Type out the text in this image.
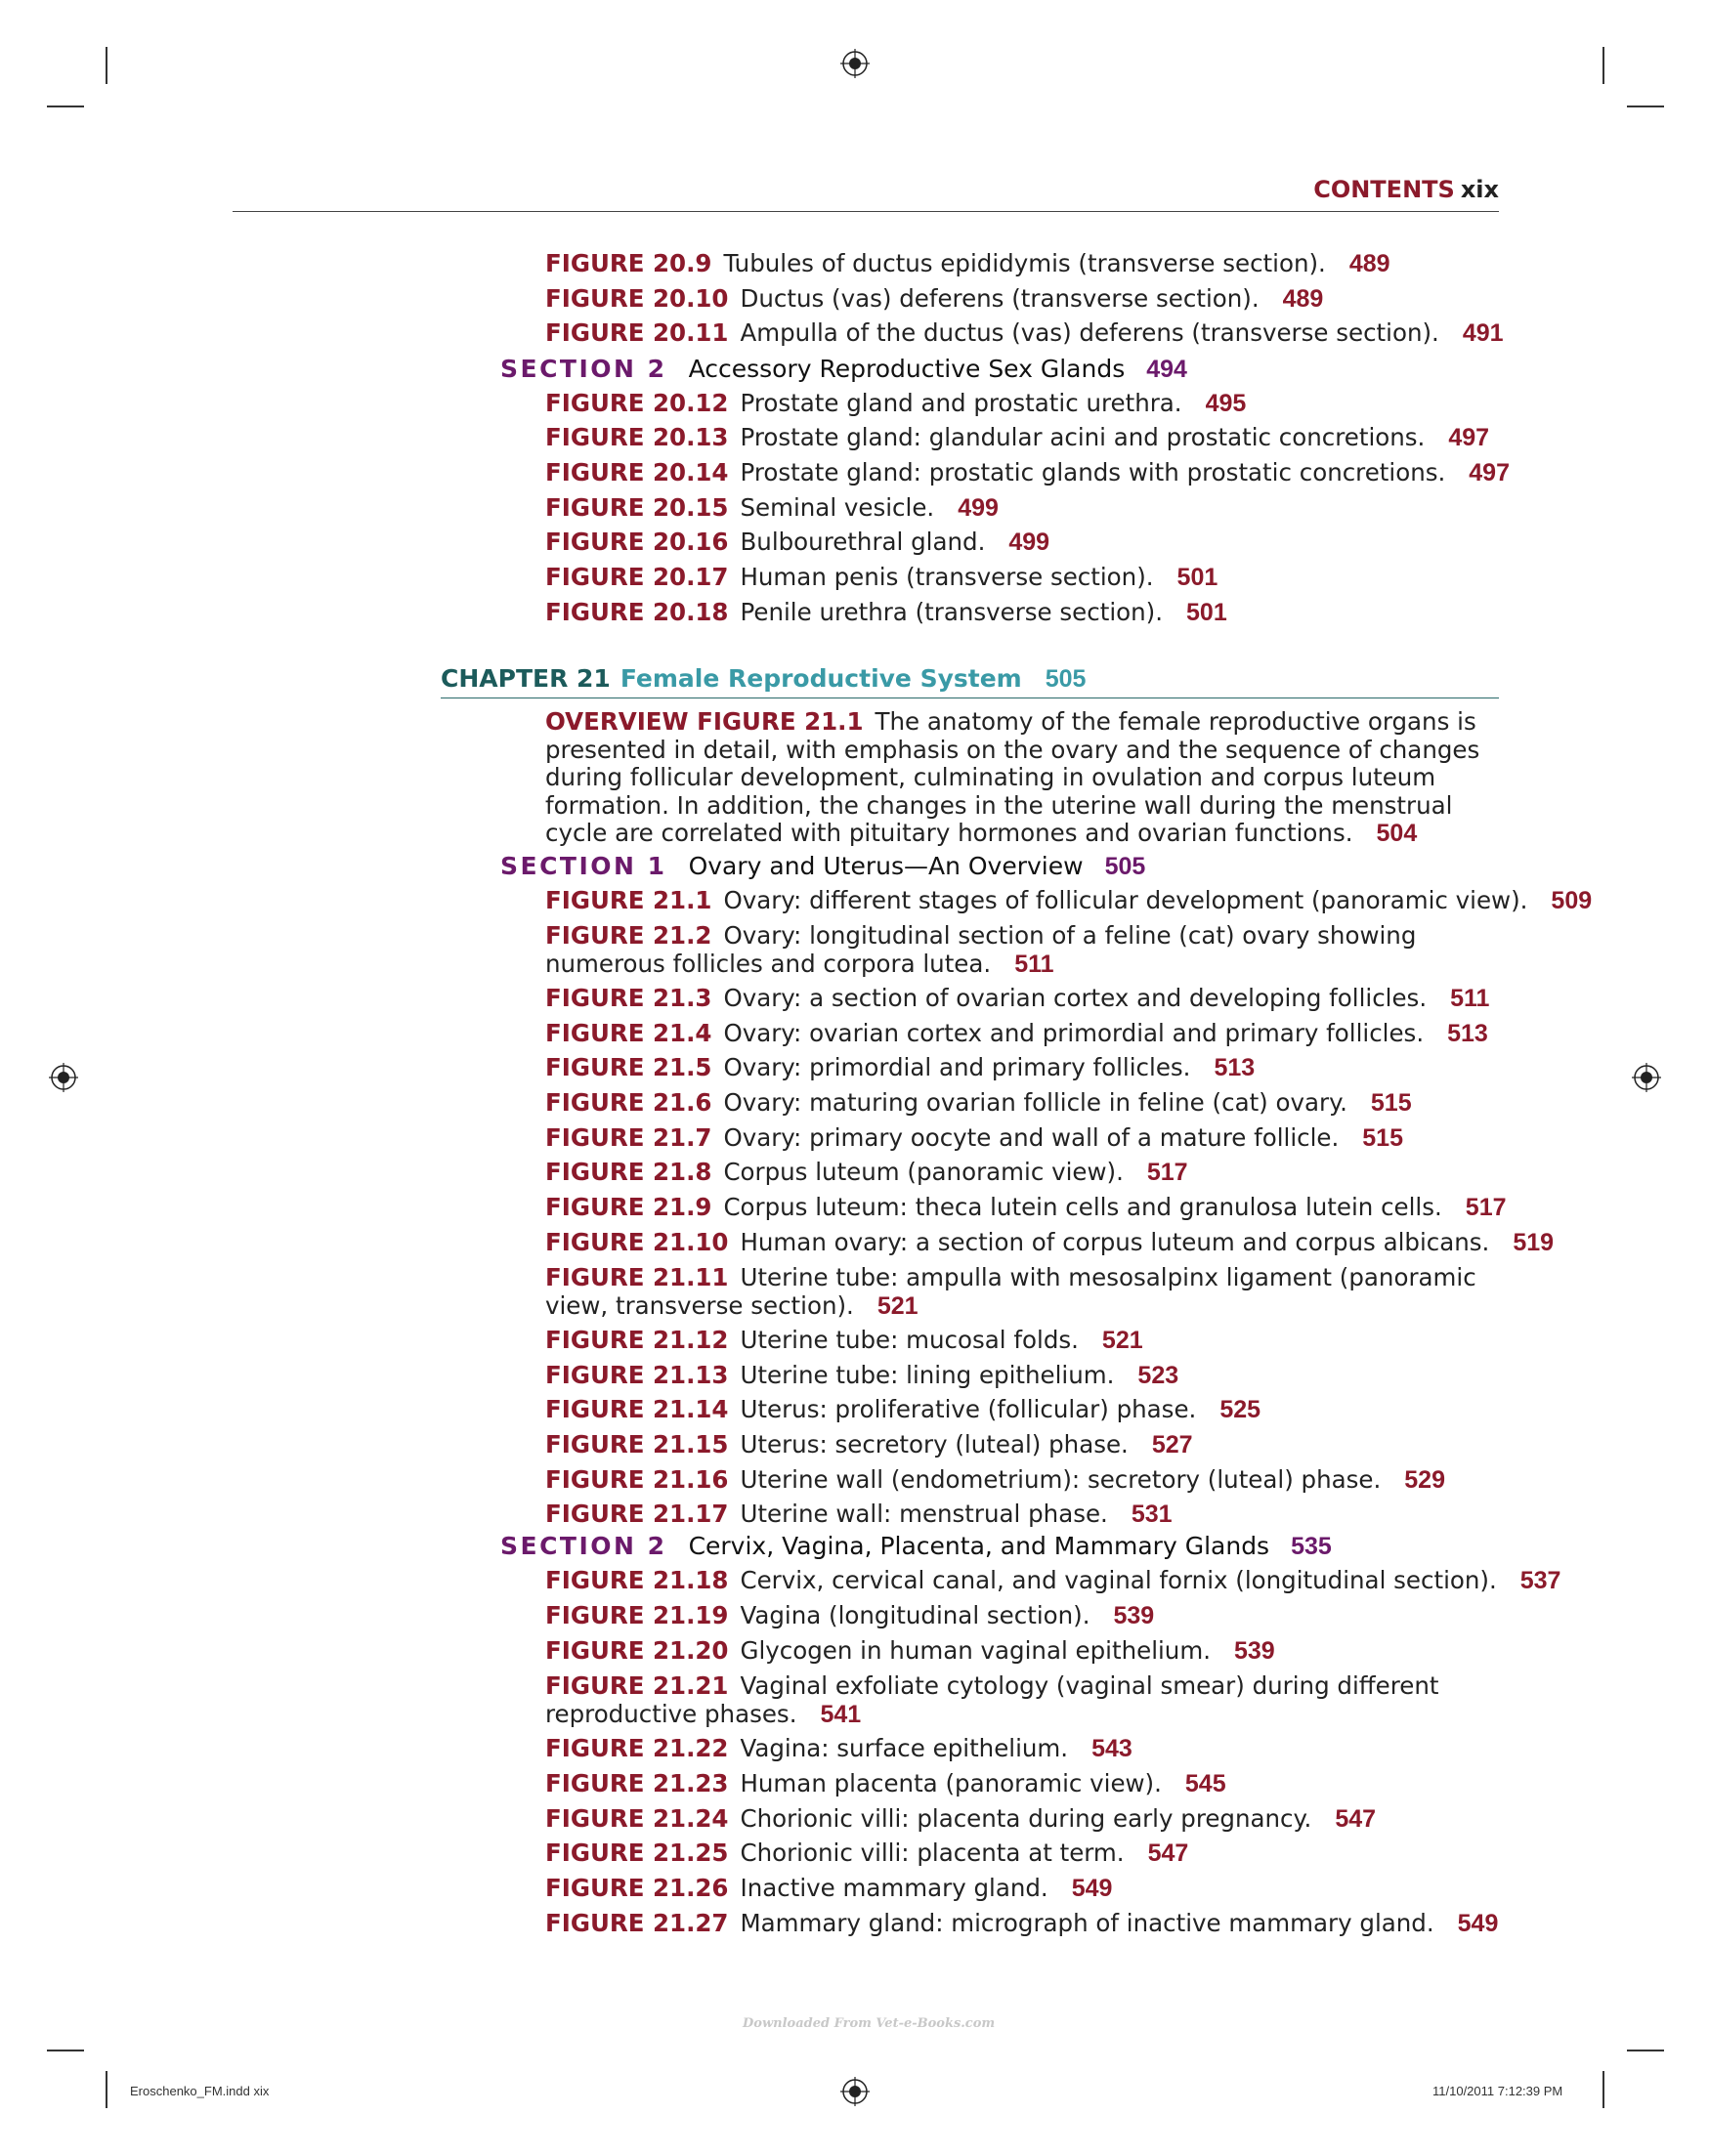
CONTENTS xix
FIGURE 20.9 Tubules of ductus epididymis (transverse section). 489
FIGURE 20.10 Ductus (vas) deferens (transverse section). 489
FIGURE 20.11 Ampulla of the ductus (vas) deferens (transverse section). 491
SECTION 2 Accessory Reproductive Sex Glands 494
FIGURE 20.12 Prostate gland and prostatic urethra. 495
FIGURE 20.13 Prostate gland: glandular acini and prostatic concretions. 497
FIGURE 20.14 Prostate gland: prostatic glands with prostatic concretions. 497
FIGURE 20.15 Seminal vesicle. 499
FIGURE 20.16 Bulbourethral gland. 499
FIGURE 20.17 Human penis (transverse section). 501
FIGURE 20.18 Penile urethra (transverse section). 501
CHAPTER 21 Female Reproductive System 505
OVERVIEW FIGURE 21.1 The anatomy of the female reproductive organs is presented in detail, with emphasis on the ovary and the sequence of changes during follicular development, culminating in ovulation and corpus luteum formation. In addition, the changes in the uterine wall during the menstrual cycle are correlated with pituitary hormones and ovarian functions. 504
SECTION 1 Ovary and Uterus—An Overview 505
FIGURE 21.1 Ovary: different stages of follicular development (panoramic view). 509
FIGURE 21.2 Ovary: longitudinal section of a feline (cat) ovary showing numerous follicles and corpora lutea. 511
FIGURE 21.3 Ovary: a section of ovarian cortex and developing follicles. 511
FIGURE 21.4 Ovary: ovarian cortex and primordial and primary follicles. 513
FIGURE 21.5 Ovary: primordial and primary follicles. 513
FIGURE 21.6 Ovary: maturing ovarian follicle in feline (cat) ovary. 515
FIGURE 21.7 Ovary: primary oocyte and wall of a mature follicle. 515
FIGURE 21.8 Corpus luteum (panoramic view). 517
FIGURE 21.9 Corpus luteum: theca lutein cells and granulosa lutein cells. 517
FIGURE 21.10 Human ovary: a section of corpus luteum and corpus albicans. 519
FIGURE 21.11 Uterine tube: ampulla with mesosalpinx ligament (panoramic view, transverse section). 521
FIGURE 21.12 Uterine tube: mucosal folds. 521
FIGURE 21.13 Uterine tube: lining epithelium. 523
FIGURE 21.14 Uterus: proliferative (follicular) phase. 525
FIGURE 21.15 Uterus: secretory (luteal) phase. 527
FIGURE 21.16 Uterine wall (endometrium): secretory (luteal) phase. 529
FIGURE 21.17 Uterine wall: menstrual phase. 531
SECTION 2 Cervix, Vagina, Placenta, and Mammary Glands 535
FIGURE 21.18 Cervix, cervical canal, and vaginal fornix (longitudinal section). 537
FIGURE 21.19 Vagina (longitudinal section). 539
FIGURE 21.20 Glycogen in human vaginal epithelium. 539
FIGURE 21.21 Vaginal exfoliate cytology (vaginal smear) during different reproductive phases. 541
FIGURE 21.22 Vagina: surface epithelium. 543
FIGURE 21.23 Human placenta (panoramic view). 545
FIGURE 21.24 Chorionic villi: placenta during early pregnancy. 547
FIGURE 21.25 Chorionic villi: placenta at term. 547
FIGURE 21.26 Inactive mammary gland. 549
FIGURE 21.27 Mammary gland: micrograph of inactive mammary gland. 549
Downloaded From Vet-e-Books.com
Eroschenko_FM.indd xix	11/10/2011 7:12:39 PM
